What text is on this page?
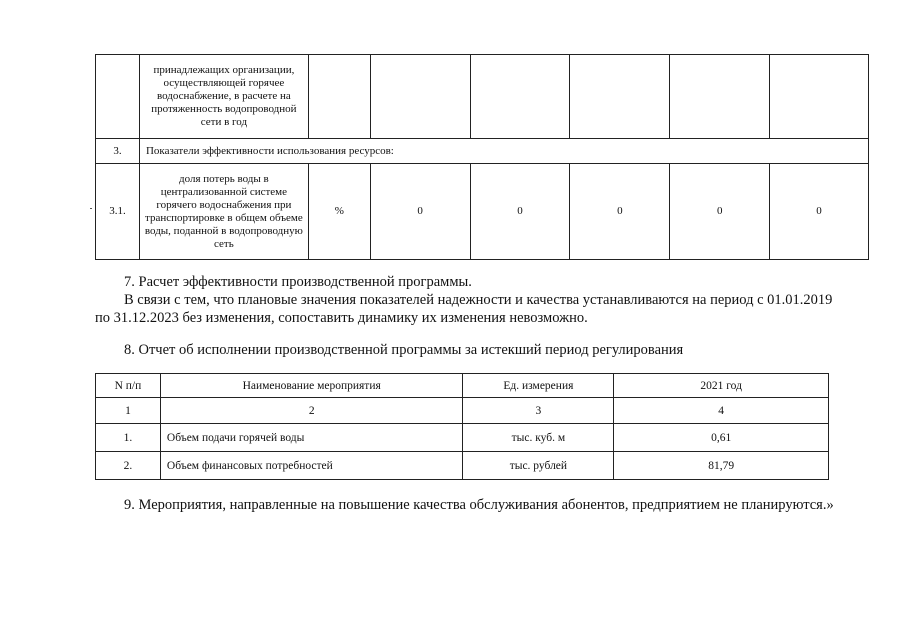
	принадлежащих организации, осуществляющей горячее водоснабжение, в расчете на протяженность водопроводной сети в год						
3.	Показатели эффективности использования ресурсов:						
3.1.	доля потерь воды в централизованной системе горячего водоснабжения при транспортировке в общем объеме воды, поданной в водопроводную сеть	%	0	0	0	0	0

7. Расчет эффективности производственной программы.

В связи с тем, что плановые значения показателей надежности и качества устанавливаются на период с 01.01.2019

по 31.12.2023 без изменения, сопоставить динамику их изменения невозможно.

8. Отчет об исполнении производственной программы за истекший период регулирования

N п/п	Наименование мероприятия	Ед. измерения	2021 год
1	2	3	4
1.	Объем подачи горячей воды	тыс. куб. м	0,61
2.	Объем финансовых потребностей	тыс. рублей	81,79

9. Мероприятия, направленные на повышение качества обслуживания абонентов, предприятием не планируются.»
